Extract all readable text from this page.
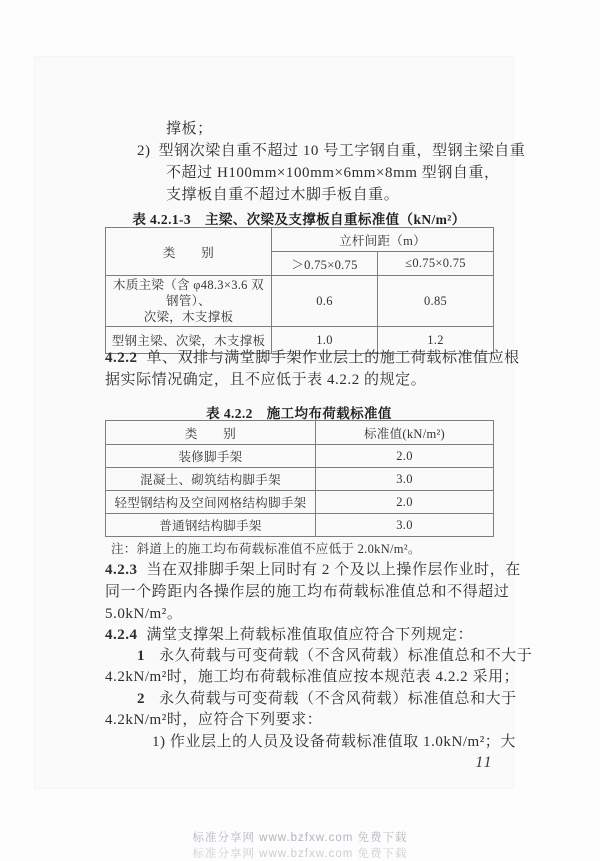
撑板；
2) 型钢次梁自重不超过 10 号工字钢自重，型钢主梁自重
不超过 H100mm×100mm×6mm×8mm 型钢自重，
支撑板自重不超过木脚手板自重。
表 4.2.1-3　主梁、次梁及支撑板自重标准值（kN/m²）
类　　别	立杆间距（m）	
	＞0.75×0.75	≤0.75×0.75
木质主梁（含 φ48.3×3.6 双钢管）、
次梁，木支撑板	0.6	0.85
型钢主梁、次梁，木支撑板	1.0	1.2
4.2.2 单、双排与满堂脚手架作业层上的施工荷载标准值应根
据实际情况确定，且不应低于表 4.2.2 的规定。
表 4.2.2　施工均布荷载标准值
类　　别	标准值(kN/m²)
装修脚手架	2.0
混凝土、砌筑结构脚手架	3.0
轻型钢结构及空间网格结构脚手架	2.0
普通钢结构脚手架	3.0
注：斜道上的施工均布荷载标准值不应低于 2.0kN/m²。
4.2.3 当在双排脚手架上同时有 2 个及以上操作层作业时，在
同一个跨距内各操作层的施工均布荷载标准值总和不得超过
5.0kN/m²。
4.2.4 满堂支撑架上荷载标准值取值应符合下列规定：
1 永久荷载与可变荷载（不含风荷载）标准值总和不大于
4.2kN/m²时，施工均布荷载标准值应按本规范表 4.2.2 采用；
2 永久荷载与可变荷载（不含风荷载）标准值总和大于
4.2kN/m²时，应符合下列要求：
1) 作业层上的人员及设备荷载标准值取 1.0kN/m²；大
11
标准分享网 www.bzfxw.com 免费下载
标准分享网 www.bzfxw.com 免费下载
